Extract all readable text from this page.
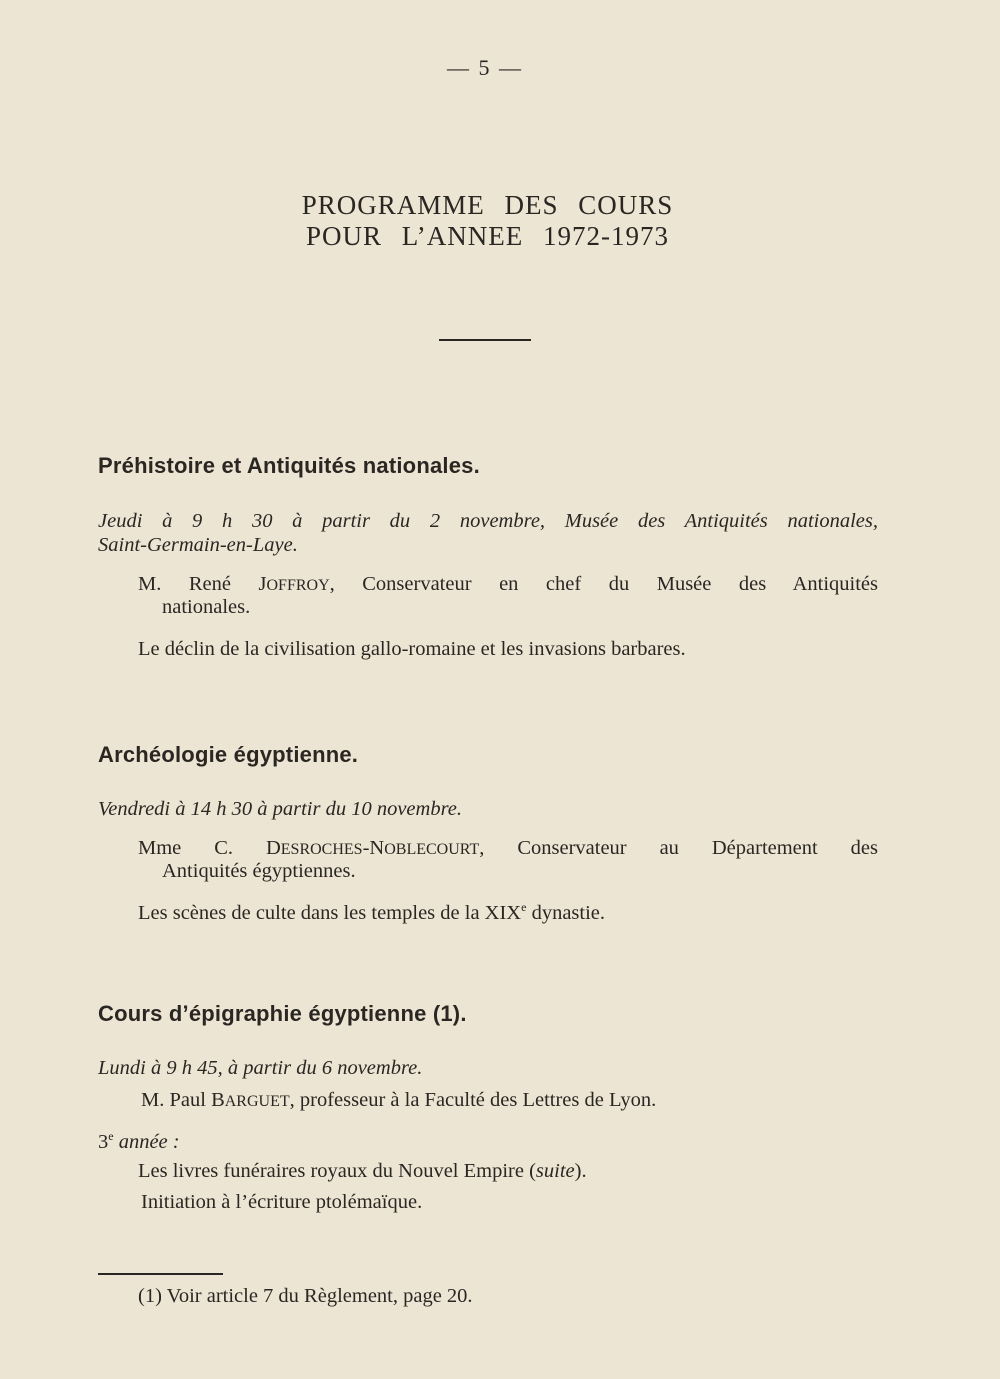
— 5 —
PROGRAMME DES COURS
POUR L’ANNEE 1972-1973
Préhistoire et Antiquités nationales.
Jeudi à 9 h 30 à partir du 2 novembre, Musée des Antiquités nationales,
Saint-Germain-en-Laye.
M. René JOFFROY, Conservateur en chef du Musée des Antiquités
nationales.
Le déclin de la civilisation gallo-romaine et les invasions barbares.
Archéologie égyptienne.
Vendredi à 14 h 30 à partir du 10 novembre.
Mme C. DESROCHES-NOBLECOURT, Conservateur au Département des
Antiquités égyptiennes.
Les scènes de culte dans les temples de la XIXe dynastie.
Cours d’épigraphie égyptienne (1).
Lundi à 9 h 45, à partir du 6 novembre.
M. Paul BARGUET, professeur à la Faculté des Lettres de Lyon.
3e année :
Les livres funéraires royaux du Nouvel Empire (suite).
Initiation à l’écriture ptolémaïque.
(1) Voir article 7 du Règlement, page 20.
